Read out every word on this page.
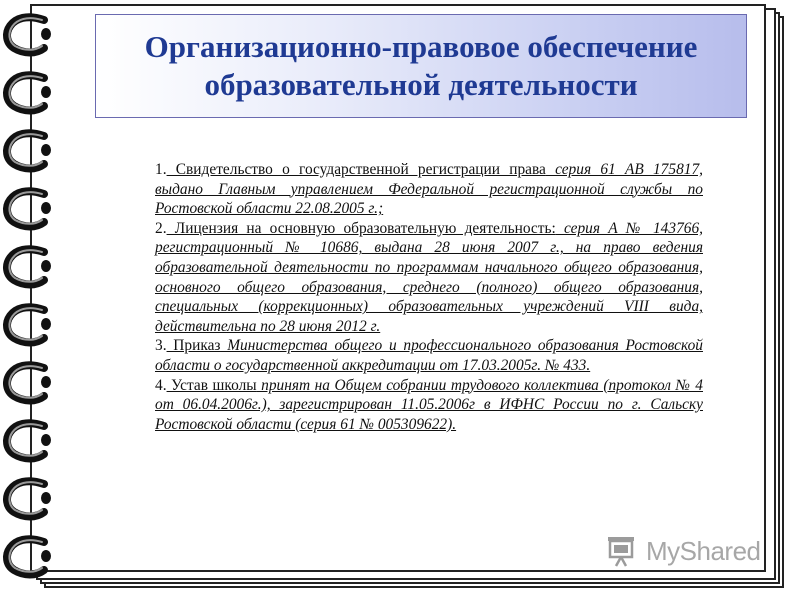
Организационно-правовое обеспечение
образовательной деятельности

1. Свидетельство о государственной регистрации права серия 61 АВ 175817, выдано Главным управлением Федеральной регистрационной службы по Ростовской области 22.08.2005 г.;

2. Лицензия на основную образовательную деятельность: серия А № 143766, регистрационный № 10686, выдана 28 июня 2007 г., на право ведения образовательной деятельности по программам начального общего образования, основного общего образования, среднего (полного) общего образования, специальных (коррекционных) образовательных учреждений VIII вида, действительна по 28 июня 2012 г.

3. Приказ Министерства общего и профессионального образования Ростовской области о государственной аккредитации от 17.03.2005г. № 433.

4. Устав школы принят на Общем собрании трудового коллектива (протокол № 4 от 06.04.2006г.), зарегистрирован 11.05.2006г в ИФНС России по г. Сальску Ростовской области (серия 61 № 005309622).

MyShared
